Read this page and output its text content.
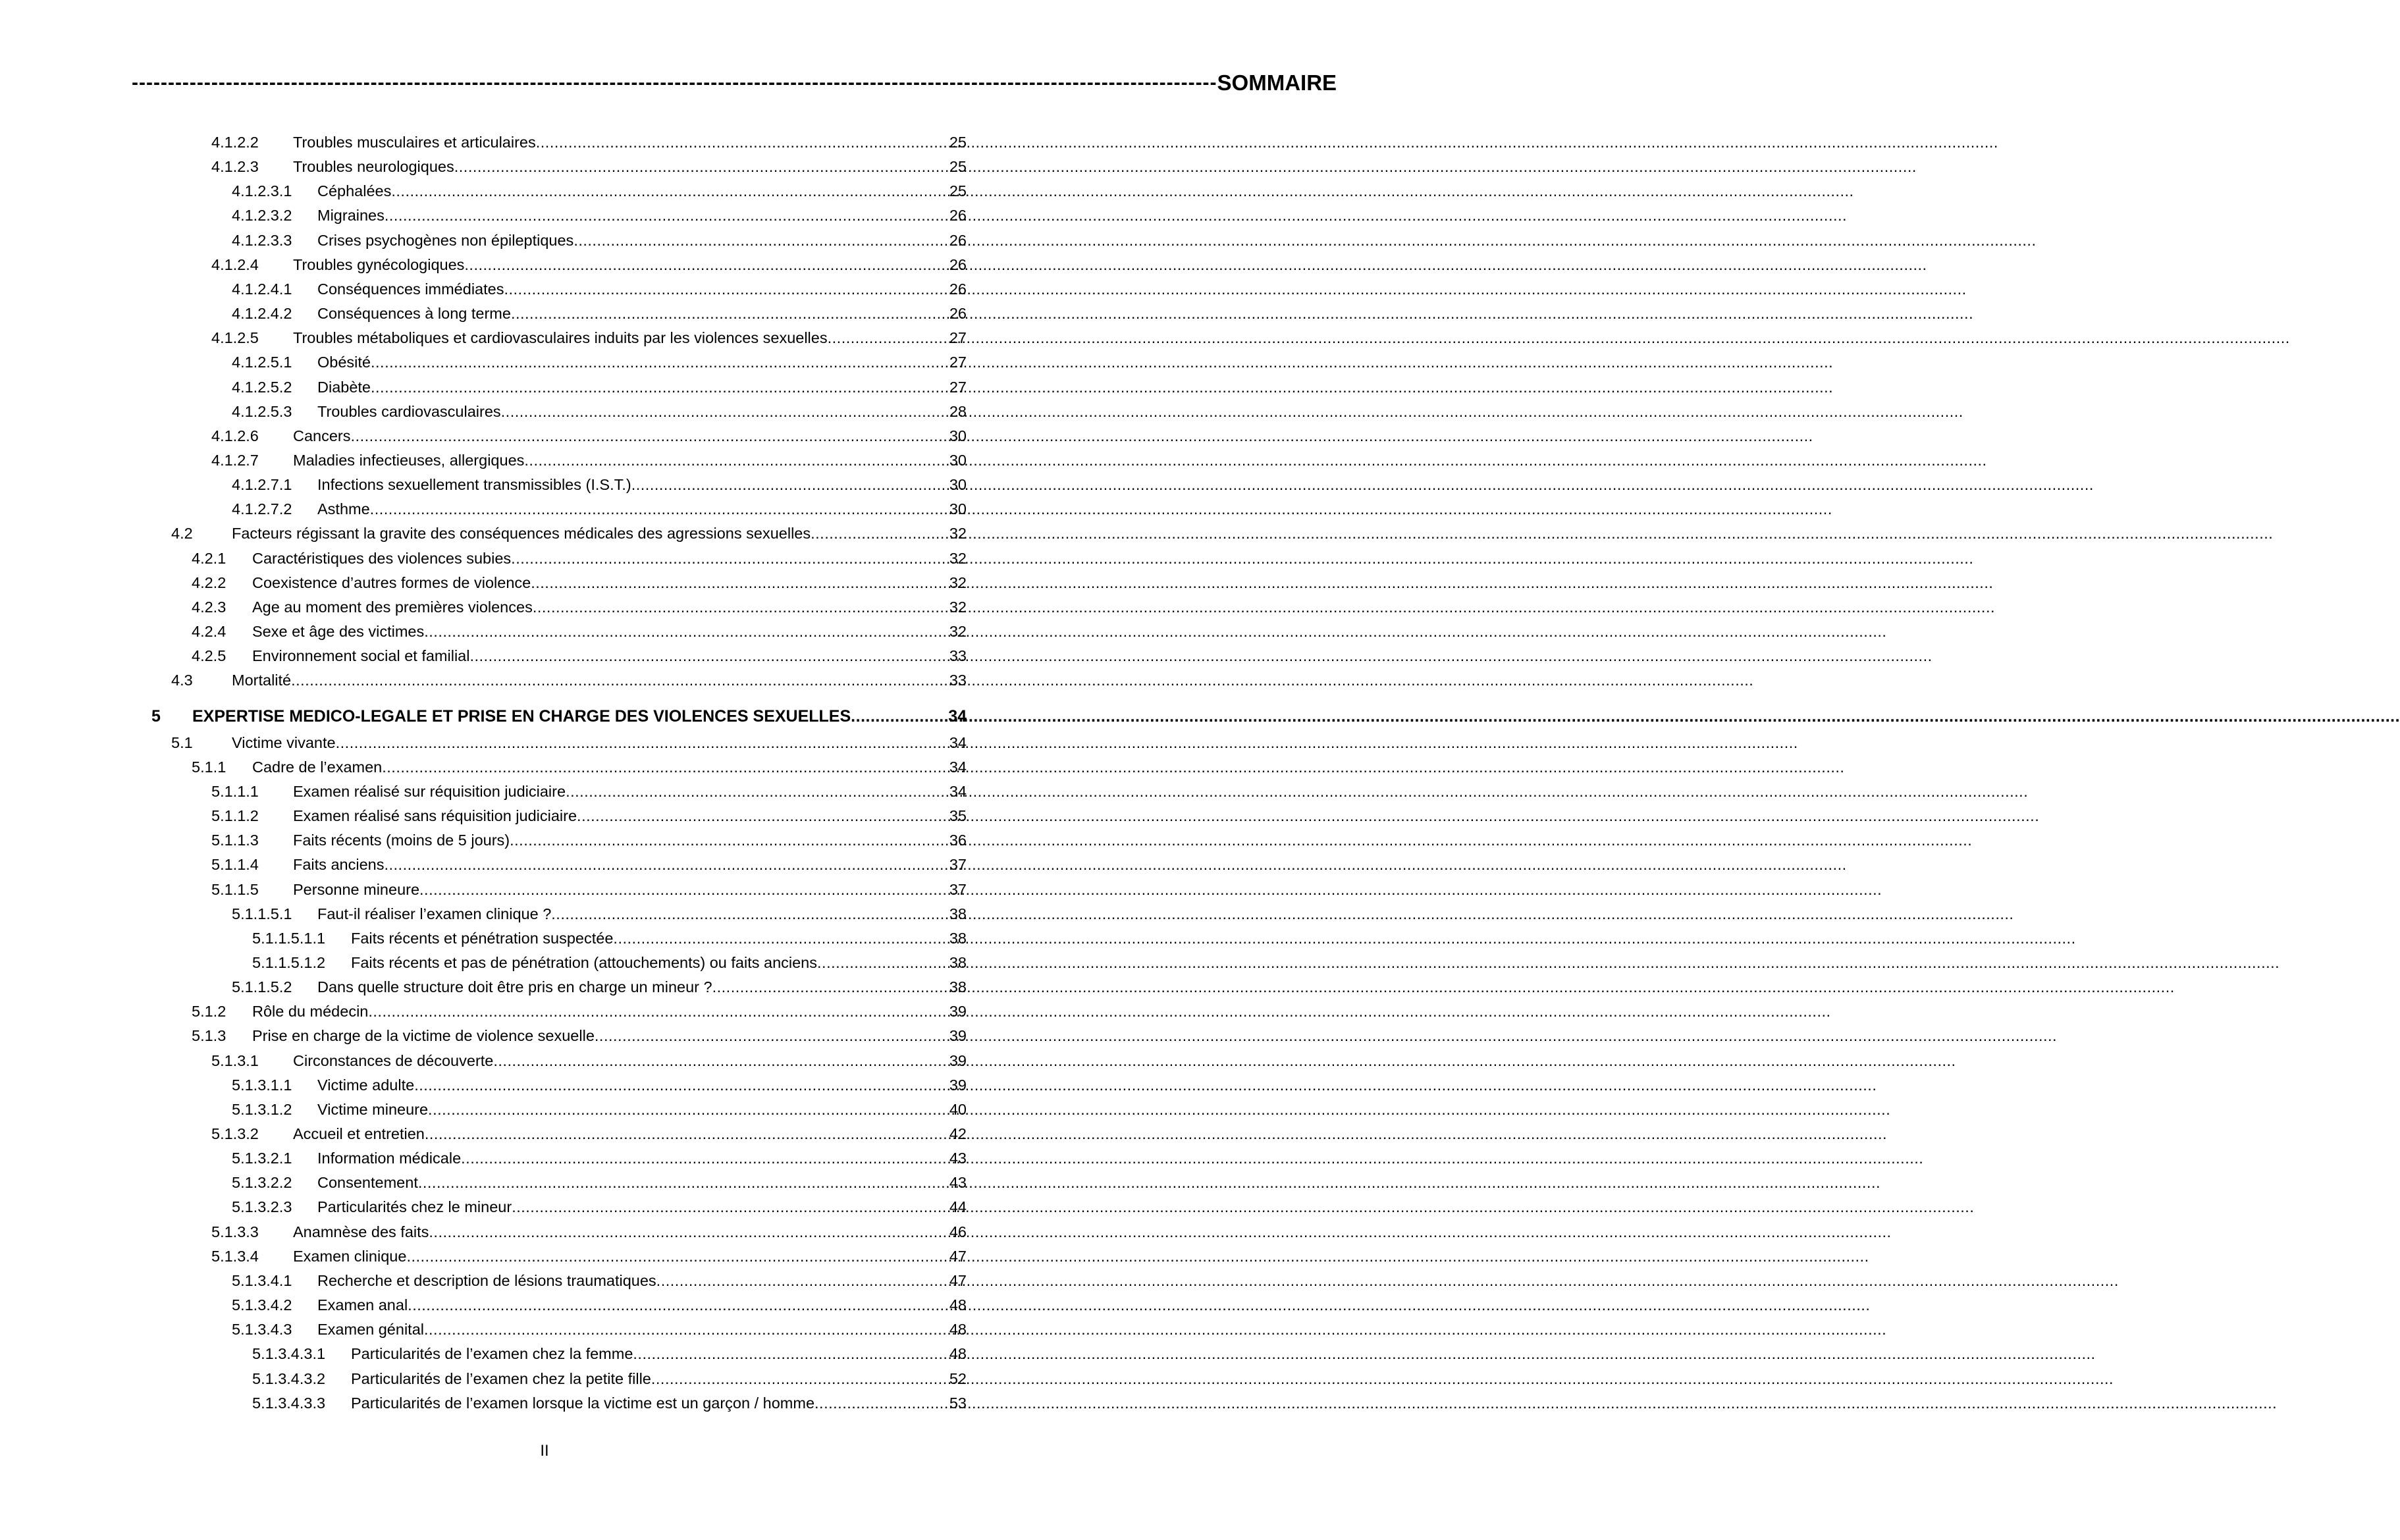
-----
SOMMAIRE
4.1.2.2	Troubles musculaires et articulaires .....	25
4.1.2.3	Troubles neurologiques .....	25
4.1.2.3.1	Céphalées .....	25
4.1.2.3.2	Migraines .....	26
4.1.2.3.3	Crises psychogènes non épileptiques .....	26
4.1.2.4	Troubles gynécologiques .....	26
4.1.2.4.1	Conséquences immédiates .....	26
4.1.2.4.2	Conséquences à long terme .....	26
4.1.2.5	Troubles métaboliques et cardiovasculaires induits par les violences sexuelles .....	27
4.1.2.5.1	Obésité .....	27
4.1.2.5.2	Diabète .....	27
4.1.2.5.3	Troubles cardiovasculaires .....	28
4.1.2.6	Cancers .....	30
4.1.2.7	Maladies infectieuses, allergiques .....	30
4.1.2.7.1	Infections sexuellement transmissibles (I.S.T.) .....	30
4.1.2.7.2	Asthme .....	30
4.2	Facteurs régissant la gravite des conséquences médicales des agressions sexuelles .....	32
4.2.1	Caractéristiques des violences subies .....	32
4.2.2	Coexistence d’autres formes de violence .....	32
4.2.3	Age au moment des premières violences .....	32
4.2.4	Sexe et âge des victimes .....	32
4.2.5	Environnement social et familial .....	33
4.3	Mortalité .....	33
5	EXPERTISE MEDICO-LEGALE ET PRISE EN CHARGE DES VIOLENCES SEXUELLES .....	34
5.1	Victime vivante .....	34
5.1.1	Cadre de l’examen .....	34
5.1.1.1	Examen réalisé sur réquisition judiciaire .....	34
5.1.1.2	Examen réalisé sans réquisition judiciaire .....	35
5.1.1.3	Faits récents (moins de 5 jours) .....	36
5.1.1.4	Faits anciens .....	37
5.1.1.5	Personne mineure .....	37
5.1.1.5.1	Faut-il réaliser l’examen clinique ? .....	38
5.1.1.5.1.1	Faits récents et pénétration suspectée .....	38
5.1.1.5.1.2	Faits récents et pas de pénétration (attouchements) ou faits anciens .....	38
5.1.1.5.2	Dans quelle structure doit être pris en charge un mineur ? .....	38
5.1.2	Rôle du médecin .....	39
5.1.3	Prise en charge de la victime de violence sexuelle .....	39
5.1.3.1	Circonstances de découverte .....	39
5.1.3.1.1	Victime adulte .....	39
5.1.3.1.2	Victime mineure .....	40
5.1.3.2	Accueil et entretien .....	42
5.1.3.2.1	Information médicale .....	43
5.1.3.2.2	Consentement .....	43
5.1.3.2.3	Particularités chez le mineur .....	44
5.1.3.3	Anamnèse des faits .....	46
5.1.3.4	Examen clinique .....	47
5.1.3.4.1	Recherche et description de lésions traumatiques .....	47
5.1.3.4.2	Examen anal .....	48
5.1.3.4.3	Examen génital .....	48
5.1.3.4.3.1	Particularités de l’examen chez la femme .....	48
5.1.3.4.3.2	Particularités de l’examen chez la petite fille .....	52
5.1.3.4.3.3	Particularités de l’examen lorsque la victime est un garçon / homme .....	53
II
